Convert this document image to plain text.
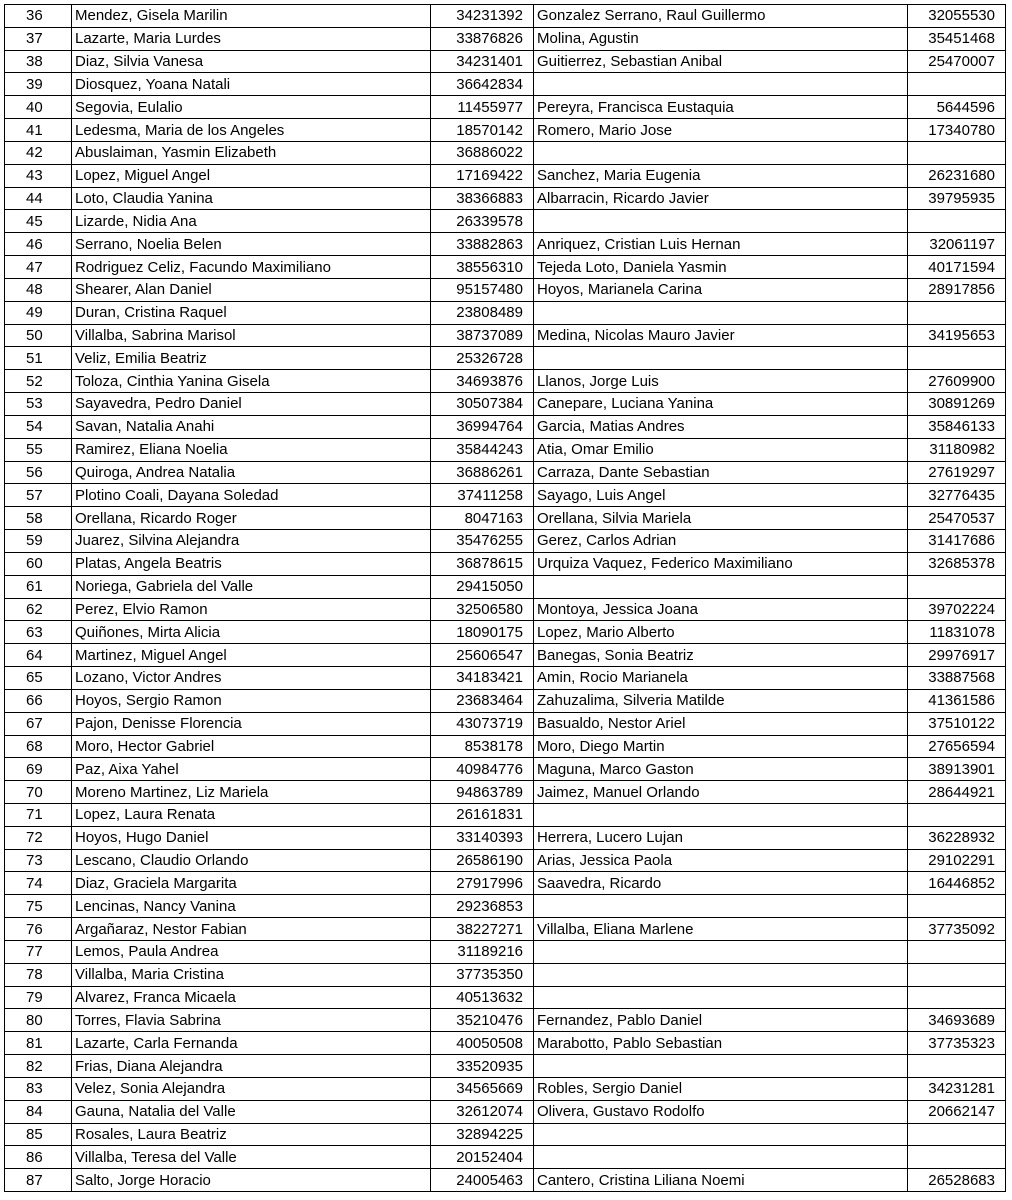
36	Mendez, Gisela Marilin	34231392	Gonzalez Serrano, Raul Guillermo	32055530
37	Lazarte, Maria Lurdes	33876826	Molina, Agustin	35451468
38	Diaz, Silvia Vanesa	34231401	Guitierrez, Sebastian Anibal	25470007
39	Diosquez, Yoana Natali	36642834		
40	Segovia, Eulalio	11455977	Pereyra, Francisca Eustaquia	5644596
41	Ledesma, Maria de los Angeles	18570142	Romero, Mario Jose	17340780
42	Abuslaiman, Yasmin Elizabeth	36886022		
43	Lopez, Miguel Angel	17169422	Sanchez, Maria Eugenia	26231680
44	Loto, Claudia Yanina	38366883	Albarracin, Ricardo Javier	39795935
45	Lizarde, Nidia Ana	26339578		
46	Serrano, Noelia Belen	33882863	Anriquez, Cristian Luis Hernan	32061197
47	Rodriguez Celiz, Facundo Maximiliano	38556310	Tejeda Loto, Daniela Yasmin	40171594
48	Shearer, Alan Daniel	95157480	Hoyos, Marianela Carina	28917856
49	Duran, Cristina Raquel	23808489		
50	Villalba, Sabrina Marisol	38737089	Medina, Nicolas Mauro Javier	34195653
51	Veliz, Emilia Beatriz	25326728		
52	Toloza, Cinthia Yanina Gisela	34693876	Llanos, Jorge Luis	27609900
53	Sayavedra, Pedro Daniel	30507384	Canepare, Luciana Yanina	30891269
54	Savan, Natalia Anahi	36994764	Garcia, Matias Andres	35846133
55	Ramirez, Eliana Noelia	35844243	Atia, Omar Emilio	31180982
56	Quiroga, Andrea Natalia	36886261	Carraza, Dante Sebastian	27619297
57	Plotino Coali, Dayana Soledad	37411258	Sayago, Luis Angel	32776435
58	Orellana, Ricardo Roger	8047163	Orellana, Silvia Mariela	25470537
59	Juarez, Silvina Alejandra	35476255	Gerez, Carlos Adrian	31417686
60	Platas, Angela Beatris	36878615	Urquiza Vaquez, Federico Maximiliano	32685378
61	Noriega, Gabriela del Valle	29415050		
62	Perez, Elvio Ramon	32506580	Montoya, Jessica Joana	39702224
63	Quiñones, Mirta Alicia	18090175	Lopez, Mario Alberto	11831078
64	Martinez, Miguel Angel	25606547	Banegas, Sonia Beatriz	29976917
65	Lozano, Victor Andres	34183421	Amin, Rocio Marianela	33887568
66	Hoyos, Sergio Ramon	23683464	Zahuzalima, Silveria Matilde	41361586
67	Pajon, Denisse Florencia	43073719	Basualdo, Nestor Ariel	37510122
68	Moro, Hector Gabriel	8538178	Moro, Diego Martin	27656594
69	Paz, Aixa Yahel	40984776	Maguna, Marco Gaston	38913901
70	Moreno Martinez, Liz Mariela	94863789	Jaimez, Manuel Orlando	28644921
71	Lopez, Laura Renata	26161831		
72	Hoyos, Hugo Daniel	33140393	Herrera, Lucero Lujan	36228932
73	Lescano, Claudio Orlando	26586190	Arias, Jessica Paola	29102291
74	Diaz, Graciela Margarita	27917996	Saavedra, Ricardo	16446852
75	Lencinas, Nancy Vanina	29236853		
76	Argañaraz, Nestor Fabian	38227271	Villalba, Eliana Marlene	37735092
77	Lemos, Paula Andrea	31189216		
78	Villalba, Maria Cristina	37735350		
79	Alvarez, Franca Micaela	40513632		
80	Torres, Flavia Sabrina	35210476	Fernandez, Pablo Daniel	34693689
81	Lazarte, Carla Fernanda	40050508	Marabotto, Pablo Sebastian	37735323
82	Frias, Diana Alejandra	33520935		
83	Velez, Sonia Alejandra	34565669	Robles, Sergio Daniel	34231281
84	Gauna, Natalia del Valle	32612074	Olivera, Gustavo Rodolfo	20662147
85	Rosales, Laura Beatriz	32894225		
86	Villalba, Teresa del Valle	20152404		
87	Salto, Jorge Horacio	24005463	Cantero, Cristina Liliana Noemi	26528683
